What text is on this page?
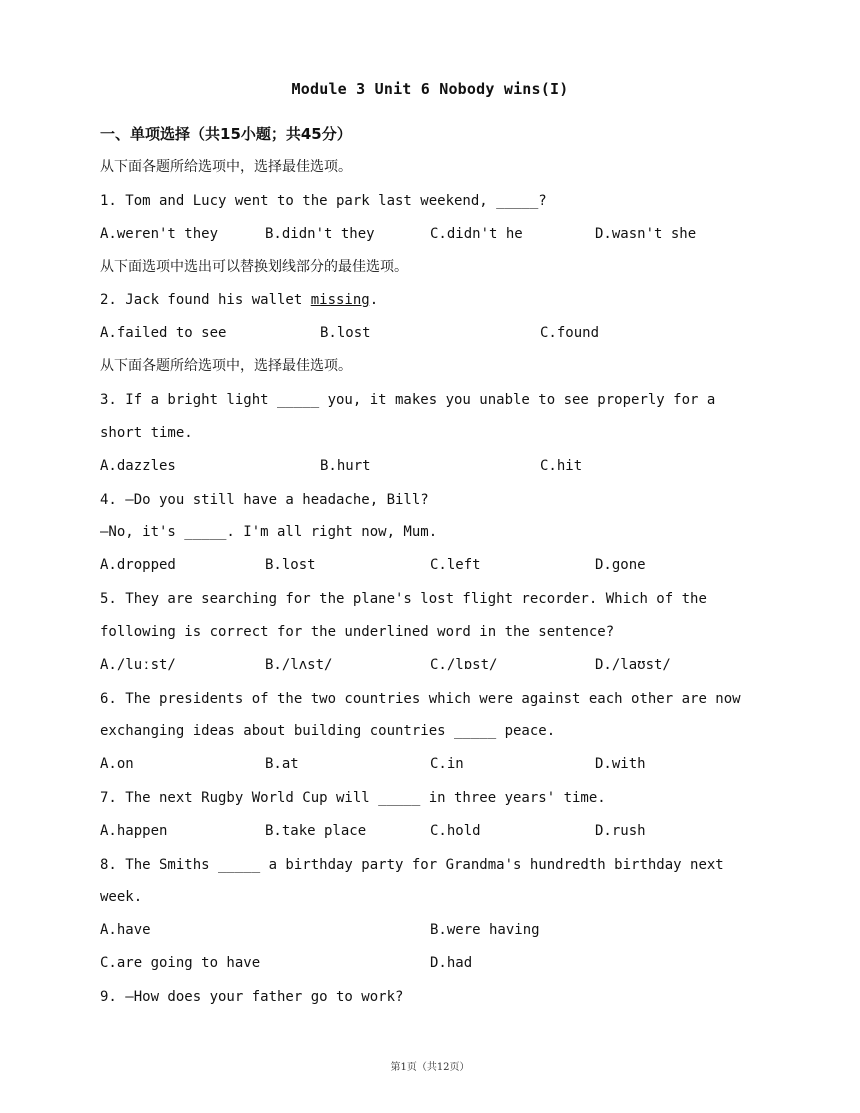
Module 3 Unit 6 Nobody wins(I)
一、单项选择（共15小题；共45分）
从下面各题所给选项中，选择最佳选项。
1. Tom and Lucy went to the park last weekend, _____?
A.weren't they	B.didn't they	C.didn't he	D.wasn't she
从下面选项中选出可以替换划线部分的最佳选项。
2. Jack found his wallet missing.
A.failed to see	B.lost	C.found
从下面各题所给选项中，选择最佳选项。
3. If a bright light _____ you, it makes you unable to see properly for a
short time.
A.dazzles	B.hurt	C.hit
4. —Do you still have a headache, Bill?
—No, it's _____. I'm all right now, Mum.
A.dropped	B.lost	C.left	D.gone
5. They are searching for the plane's lost flight recorder. Which of the
following is correct for the underlined word in the sentence?
A./luːst/	B./lʌst/	C./lɒst/	D./laʊst/
6. The presidents of the two countries which were against each other are now
exchanging ideas about building countries _____ peace.
A.on	B.at	C.in	D.with
7. The next Rugby World Cup will _____ in three years' time.
A.happen	B.take place	C.hold	D.rush
8. The Smiths _____ a birthday party for Grandma's hundredth birthday next
week.
A.have	B.were having
C.are going to have	D.had
9. —How does your father go to work?
第1页（共12页）
